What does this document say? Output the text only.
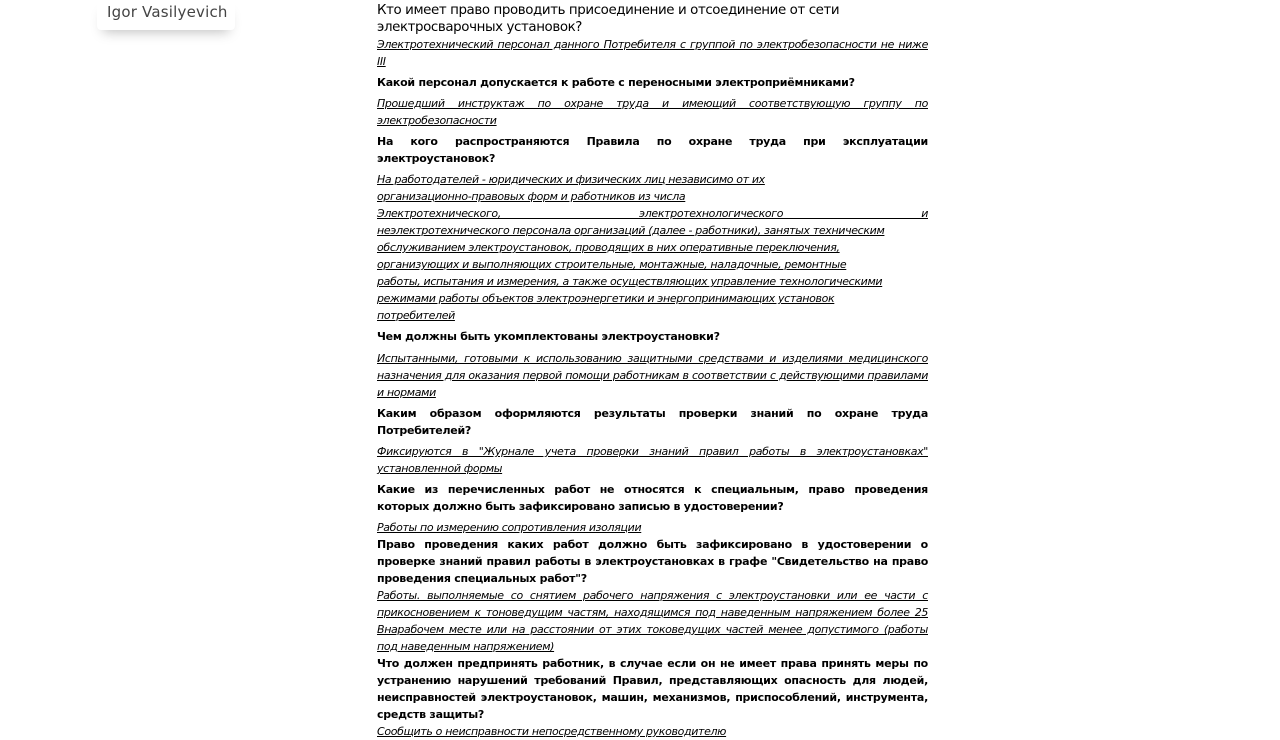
Igor Vasilyevich	Кто имеет право проводить присоединение и отсоединение от сети электросварочных установок?

Электротехнический персонал данного Потребителя с группой по электробезопасности не ниже III

Какой персонал допускается к работе с переносными электроприёмниками?

Прошедший инструктаж по охране труда и имеющий соответствующую группу по электробезопасности

На кого распространяются Правила по охране труда при эксплуатации электроустановок?

На работодателей - юридических и физических лиц независимо от их

организационно-правовых форм и работников из числа

Электротехнического, электротехнологического и

неэлектротехнического персонала организаций (далее - работники), занятых техническим

обслуживанием электроустановок, проводящих в них оперативные переключения,

организующих и выполняющих строительные, монтажные, наладочные, ремонтные

работы, испытания и измерения, а также осуществляющих управление технологическими

режимами работы объектов электроэнергетики и энергопринимающих установок

потребителей

Чем должны быть укомплектованы электроустановки?

Испытанными, готовыми к использованию защитными средствами и изделиями медицинского назначения для оказания первой помощи работникам в соответствии с действующими правилами и нормами

Каким образом оформляются результаты проверки знаний по охране труда Потребителей?

Фиксируются в "Журнале учета проверки знаний правил работы в электроустановках" установленной формы

Какие из перечисленных работ не относятся к специальным, право проведения которых должно быть зафиксировано записью в удостоверении?

Работы по измерению сопротивления изоляции

Право проведения каких работ должно быть зафиксировано в удостоверении о проверке знаний правил работы в электроустановках в графе "Свидетельство на право проведения специальных работ"?

Работы. выполняемые со снятием рабочего напряжения с электроустановки или ее части с прикосновением к тоноведущим частям, находящимся под наведенным напряжением более 25 Внарабочем месте или на расстоянии от этих токоведущих частей менее допустимого (работы под наведенным напряжением)

Что должен предпринять работник, в случае если он не имеет права принять меры по устранению нарушений требований Правил, представляющих опасность для людей, неисправностей электроустановок, машин, механизмов, приспособлений, инструмента, средств защиты?

Сообщить о неисправности непосредственному руководителю
